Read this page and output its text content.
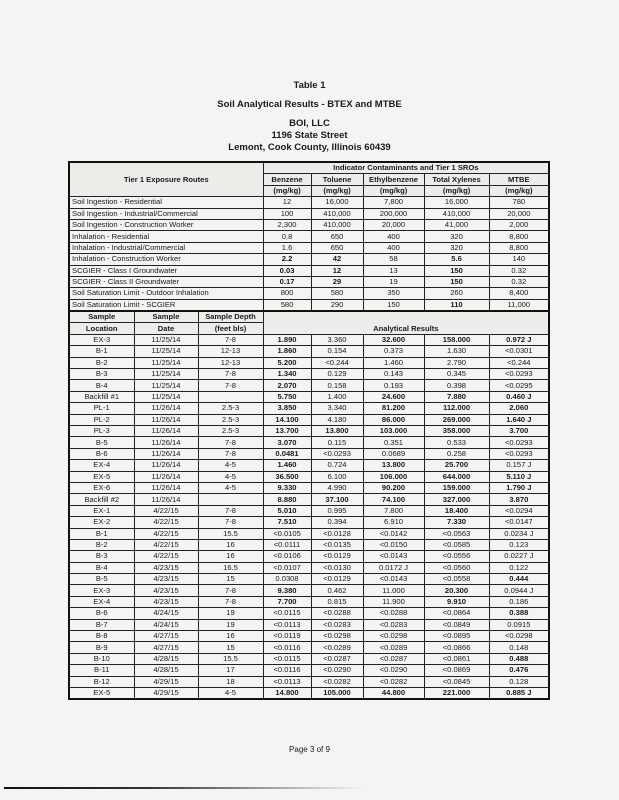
Table 1
Soil Analytical Results - BTEX and MTBE
BOI, LLC
1196 State Street
Lemont, Cook County, Illinois 60439
Tier 1 Exposure Routes			Indicator Contaminants and Tier 1 SROs				
			Benzene	Toluene	Ethylbenzene	Total Xylenes	MTBE
			(mg/kg)	(mg/kg)	(mg/kg)	(mg/kg)	(mg/kg)
Soil Ingestion - Residential			12	16,000	7,800	16,000	780
Soil Ingestion - Industrial/Commercial			100	410,000	200,000	410,000	20,000
Soil Ingestion - Construction Worker			2,300	410,000	20,000	41,000	2,000
Inhalation - Residential			0.8	650	400	320	8,800
Inhalation - Industrial/Commercial			1.6	650	400	320	8,800
Inhalation - Construction Worker			2.2	42	58	5.6	140
SCGIER - Class I Groundwater			0.03	12	13	150	0.32
SCGIER - Class II Groundwater			0.17	29	19	150	0.32
Soil Saturation Limit - Outdoor Inhalation			800	580	350	260	8,400
Soil Saturation Limit - SCGIER			580	290	150	110	11,000
Sample	Sample	Sample Depth	Analytical Results				
Location	Date	(feet bls)					
EX-3	11/25/14	7-8	1.890	3.360	32.600	158.000	0.972 J
B-1	11/25/14	12-13	1.860	0.154	0.373	1.630	<0.0301
B-2	11/25/14	12-13	5.200	<0.244	1.460	2.790	<0.244
B-3	11/25/14	7-8	1.340	0.129	0.143	0.345	<0.0293
B-4	11/25/14	7-8	2.070	0.158	0.193	0.398	<0.0295
Backfill #1	11/25/14		5.750	1.400	24.600	7.880	0.460 J
PL-1	11/26/14	2.5-3	3.850	3.340	81.200	112.000	2.060
PL-2	11/26/14	2.5-3	14.100	4.180	86.000	269.000	1.640 J
PL-3	11/26/14	2.5-3	13.700	13.800	103.000	358.000	3.700
B-5	11/26/14	7-8	3.070	0.115	0.351	0.533	<0.0293
B-6	11/26/14	7-8	0.0481	<0.0293	0.0689	0.258	<0.0293
EX-4	11/26/14	4-5	1.460	0.724	13.800	25.700	0.157 J
EX-5	11/26/14	4-5	36.500	6.100	106.000	644.000	5.110 J
EX-6	11/26/14	4-5	9.330	4.990	90.200	159.000	1.790 J
Backfill #2	11/26/14		8.880	37.100	74.100	327.000	3.870
EX-1	4/22/15	7-8	5.010	0.995	7.800	18.400	<0.0294
EX-2	4/22/15	7-8	7.510	0.394	6.910	7.330	<0.0147
B-1	4/22/15	15.5	<0.0105	<0.0128	<0.0142	<0.0563	0.0234 J
B-2	4/22/15	16	<0.0111	<0.0135	<0.0150	<0.0585	0.123
B-3	4/22/15	16	<0.0106	<0.0129	<0.0143	<0.0556	0.0227 J
B-4	4/23/15	16.5	<0.0107	<0.0130	0.0172 J	<0.0560	0.122
B-5	4/23/15	15	0.0308	<0.0129	<0.0143	<0.0558	0.444
EX-3	4/23/15	7-8	9.380	0.462	11.000	20.300	0.0944 J
EX-4	4/23/15	7-8	7.700	0.815	11.900	9.910	0.186
B-6	4/24/15	19	<0.0115	<0.0288	<0.0288	<0.0864	0.388
B-7	4/24/15	19	<0.0113	<0.0283	<0.0283	<0.0849	0.0915
B-8	4/27/15	16	<0.0119	<0.0298	<0.0298	<0.0895	<0.0298
B-9	4/27/15	15	<0.0116	<0.0289	<0.0289	<0.0866	0.148
B-10	4/28/15	15.5	<0.0115	<0.0287	<0.0287	<0.0861	0.488
B-11	4/28/15	17	<0.0116	<0.0290	<0.0290	<0.0869	0.476
B-12	4/29/15	18	<0.0113	<0.0282	<0.0282	<0.0845	0.128
EX-5	4/29/15	4-5	14.800	105.000	44.800	221.000	0.885 J
Page 3 of 9
